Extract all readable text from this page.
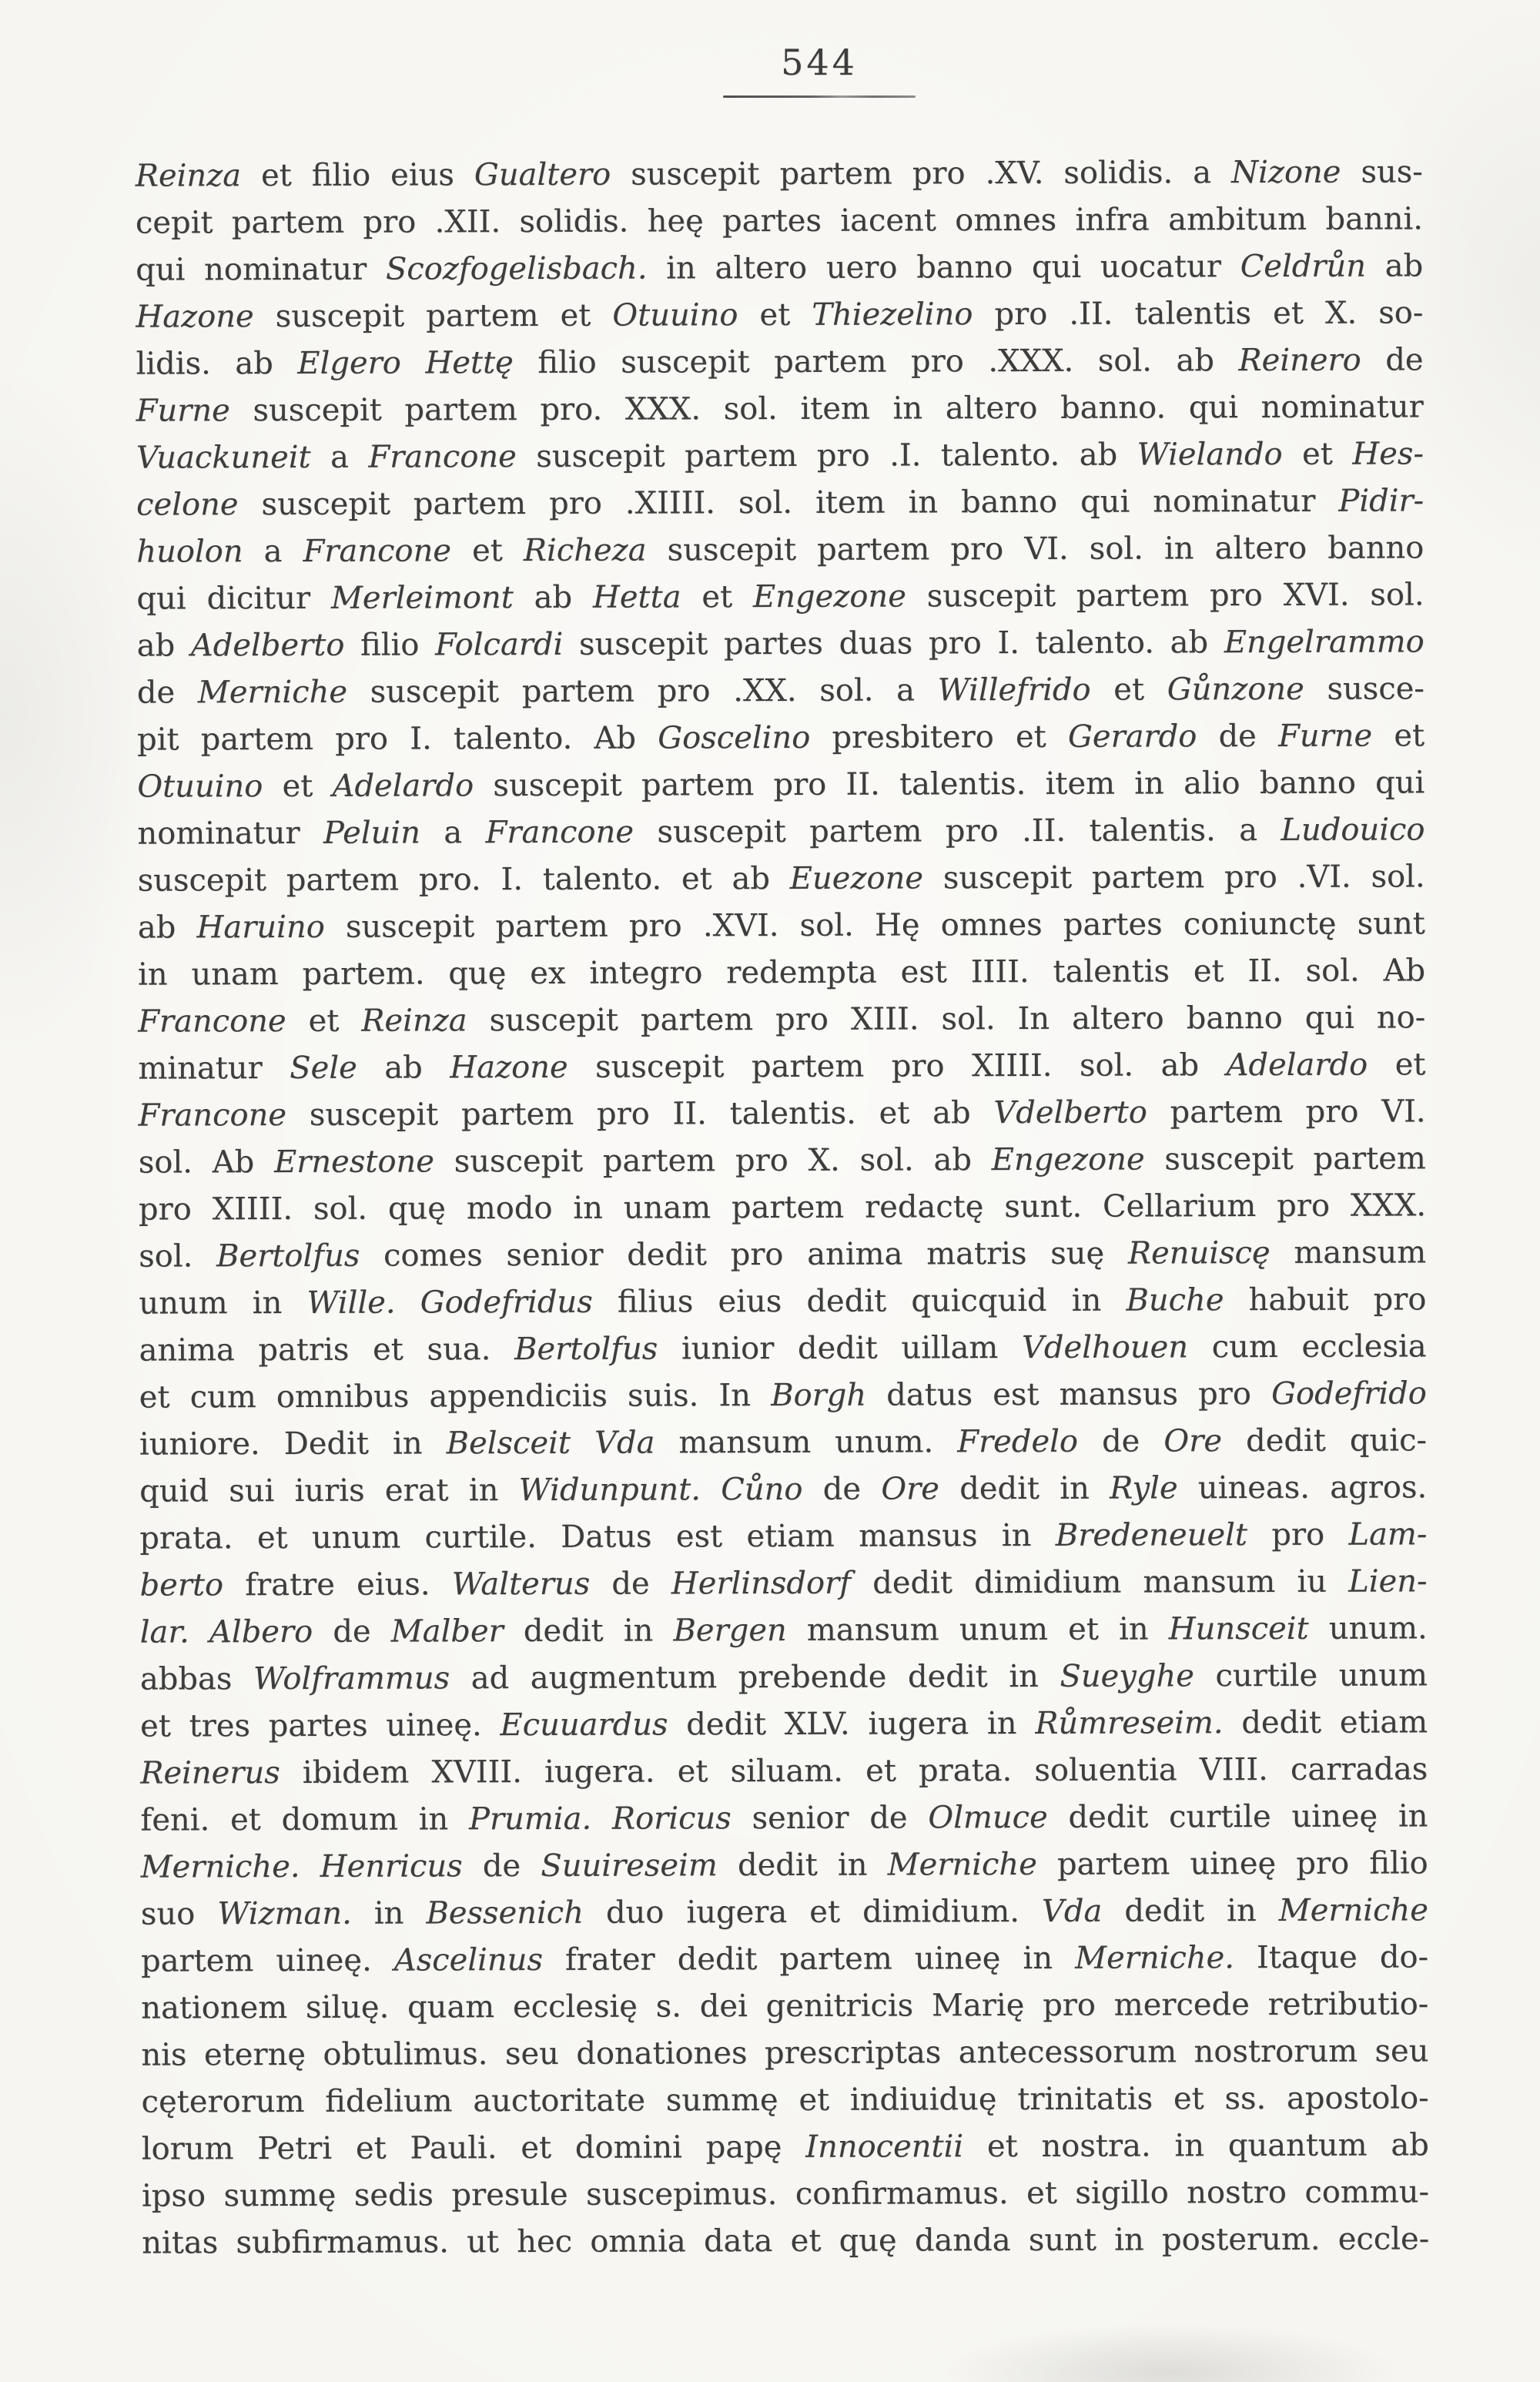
544
Reinza et filio eius Gualtero suscepit partem pro .XV. solidis. a Nizone sus-
cepit partem pro .XII. solidis. heę partes iacent omnes infra ambitum banni.
qui nominatur Scozfogelisbach. in altero uero banno qui uocatur Celdrůn ab
Hazone suscepit partem et Otuuino et Thiezelino pro .II. talentis et X. so-
lidis. ab Elgero Hettę filio suscepit partem pro .XXX. sol. ab Reinero de
Furne suscepit partem pro. XXX. sol. item in altero banno. qui nominatur
Vuackuneit a Francone suscepit partem pro .I. talento. ab Wielando et Hes-
celone suscepit partem pro .XIIII. sol. item in banno qui nominatur Pidir-
huolon a Francone et Richeza suscepit partem pro VI. sol. in altero banno
qui dicitur Merleimont ab Hetta et Engezone suscepit partem pro XVI. sol.
ab Adelberto filio Folcardi suscepit partes duas pro I. talento. ab Engelrammo
de Merniche suscepit partem pro .XX. sol. a Willefrido et Gůnzone susce-
pit partem pro I. talento. Ab Goscelino presbitero et Gerardo de Furne et
Otuuino et Adelardo suscepit partem pro II. talentis. item in alio banno qui
nominatur Peluin a Francone suscepit partem pro .II. talentis. a Ludouico
suscepit partem pro. I. talento. et ab Euezone suscepit partem pro .VI. sol.
ab Haruino suscepit partem pro .XVI. sol. Hę omnes partes coniunctę sunt
in unam partem. quę ex integro redempta est IIII. talentis et II. sol. Ab
Francone et Reinza suscepit partem pro XIII. sol. In altero banno qui no-
minatur Sele ab Hazone suscepit partem pro XIIII. sol. ab Adelardo et
Francone suscepit partem pro II. talentis. et ab Vdelberto partem pro VI.
sol. Ab Ernestone suscepit partem pro X. sol. ab Engezone suscepit partem
pro XIIII. sol. quę modo in unam partem redactę sunt. Cellarium pro XXX.
sol. Bertolfus comes senior dedit pro anima matris suę Renuiscę mansum
unum in Wille. Godefridus filius eius dedit quicquid in Buche habuit pro
anima patris et sua. Bertolfus iunior dedit uillam Vdelhouen cum ecclesia
et cum omnibus appendiciis suis. In Borgh datus est mansus pro Godefrido
iuniore. Dedit in Belsceit Vda mansum unum. Fredelo de Ore dedit quic-
quid sui iuris erat in Widunpunt. Cůno de Ore dedit in Ryle uineas. agros.
prata. et unum curtile. Datus est etiam mansus in Bredeneuelt pro Lam-
berto fratre eius. Walterus de Herlinsdorf dedit dimidium mansum iu Lien-
lar. Albero de Malber dedit in Bergen mansum unum et in Hunsceit unum.
abbas Wolframmus ad augmentum prebende dedit in Sueyghe curtile unum
et tres partes uineę. Ecuuardus dedit XLV. iugera in Růmreseim. dedit etiam
Reinerus ibidem XVIII. iugera. et siluam. et prata. soluentia VIII. carradas
feni. et domum in Prumia. Roricus senior de Olmuce dedit curtile uineę in
Merniche. Henricus de Suuireseim dedit in Merniche partem uineę pro filio
suo Wizman. in Bessenich duo iugera et dimidium. Vda dedit in Merniche
partem uineę. Ascelinus frater dedit partem uineę in Merniche. Itaque do-
nationem siluę. quam ecclesię s. dei genitricis Marię pro mercede retributio-
nis eternę obtulimus. seu donationes prescriptas antecessorum nostrorum seu
cęterorum fidelium auctoritate summę et indiuiduę trinitatis et ss. apostolo-
lorum Petri et Pauli. et domini papę Innocentii et nostra. in quantum ab
ipso summę sedis presule suscepimus. confirmamus. et sigillo nostro commu-
nitas subfirmamus. ut hec omnia data et quę danda sunt in posterum. eccle-
